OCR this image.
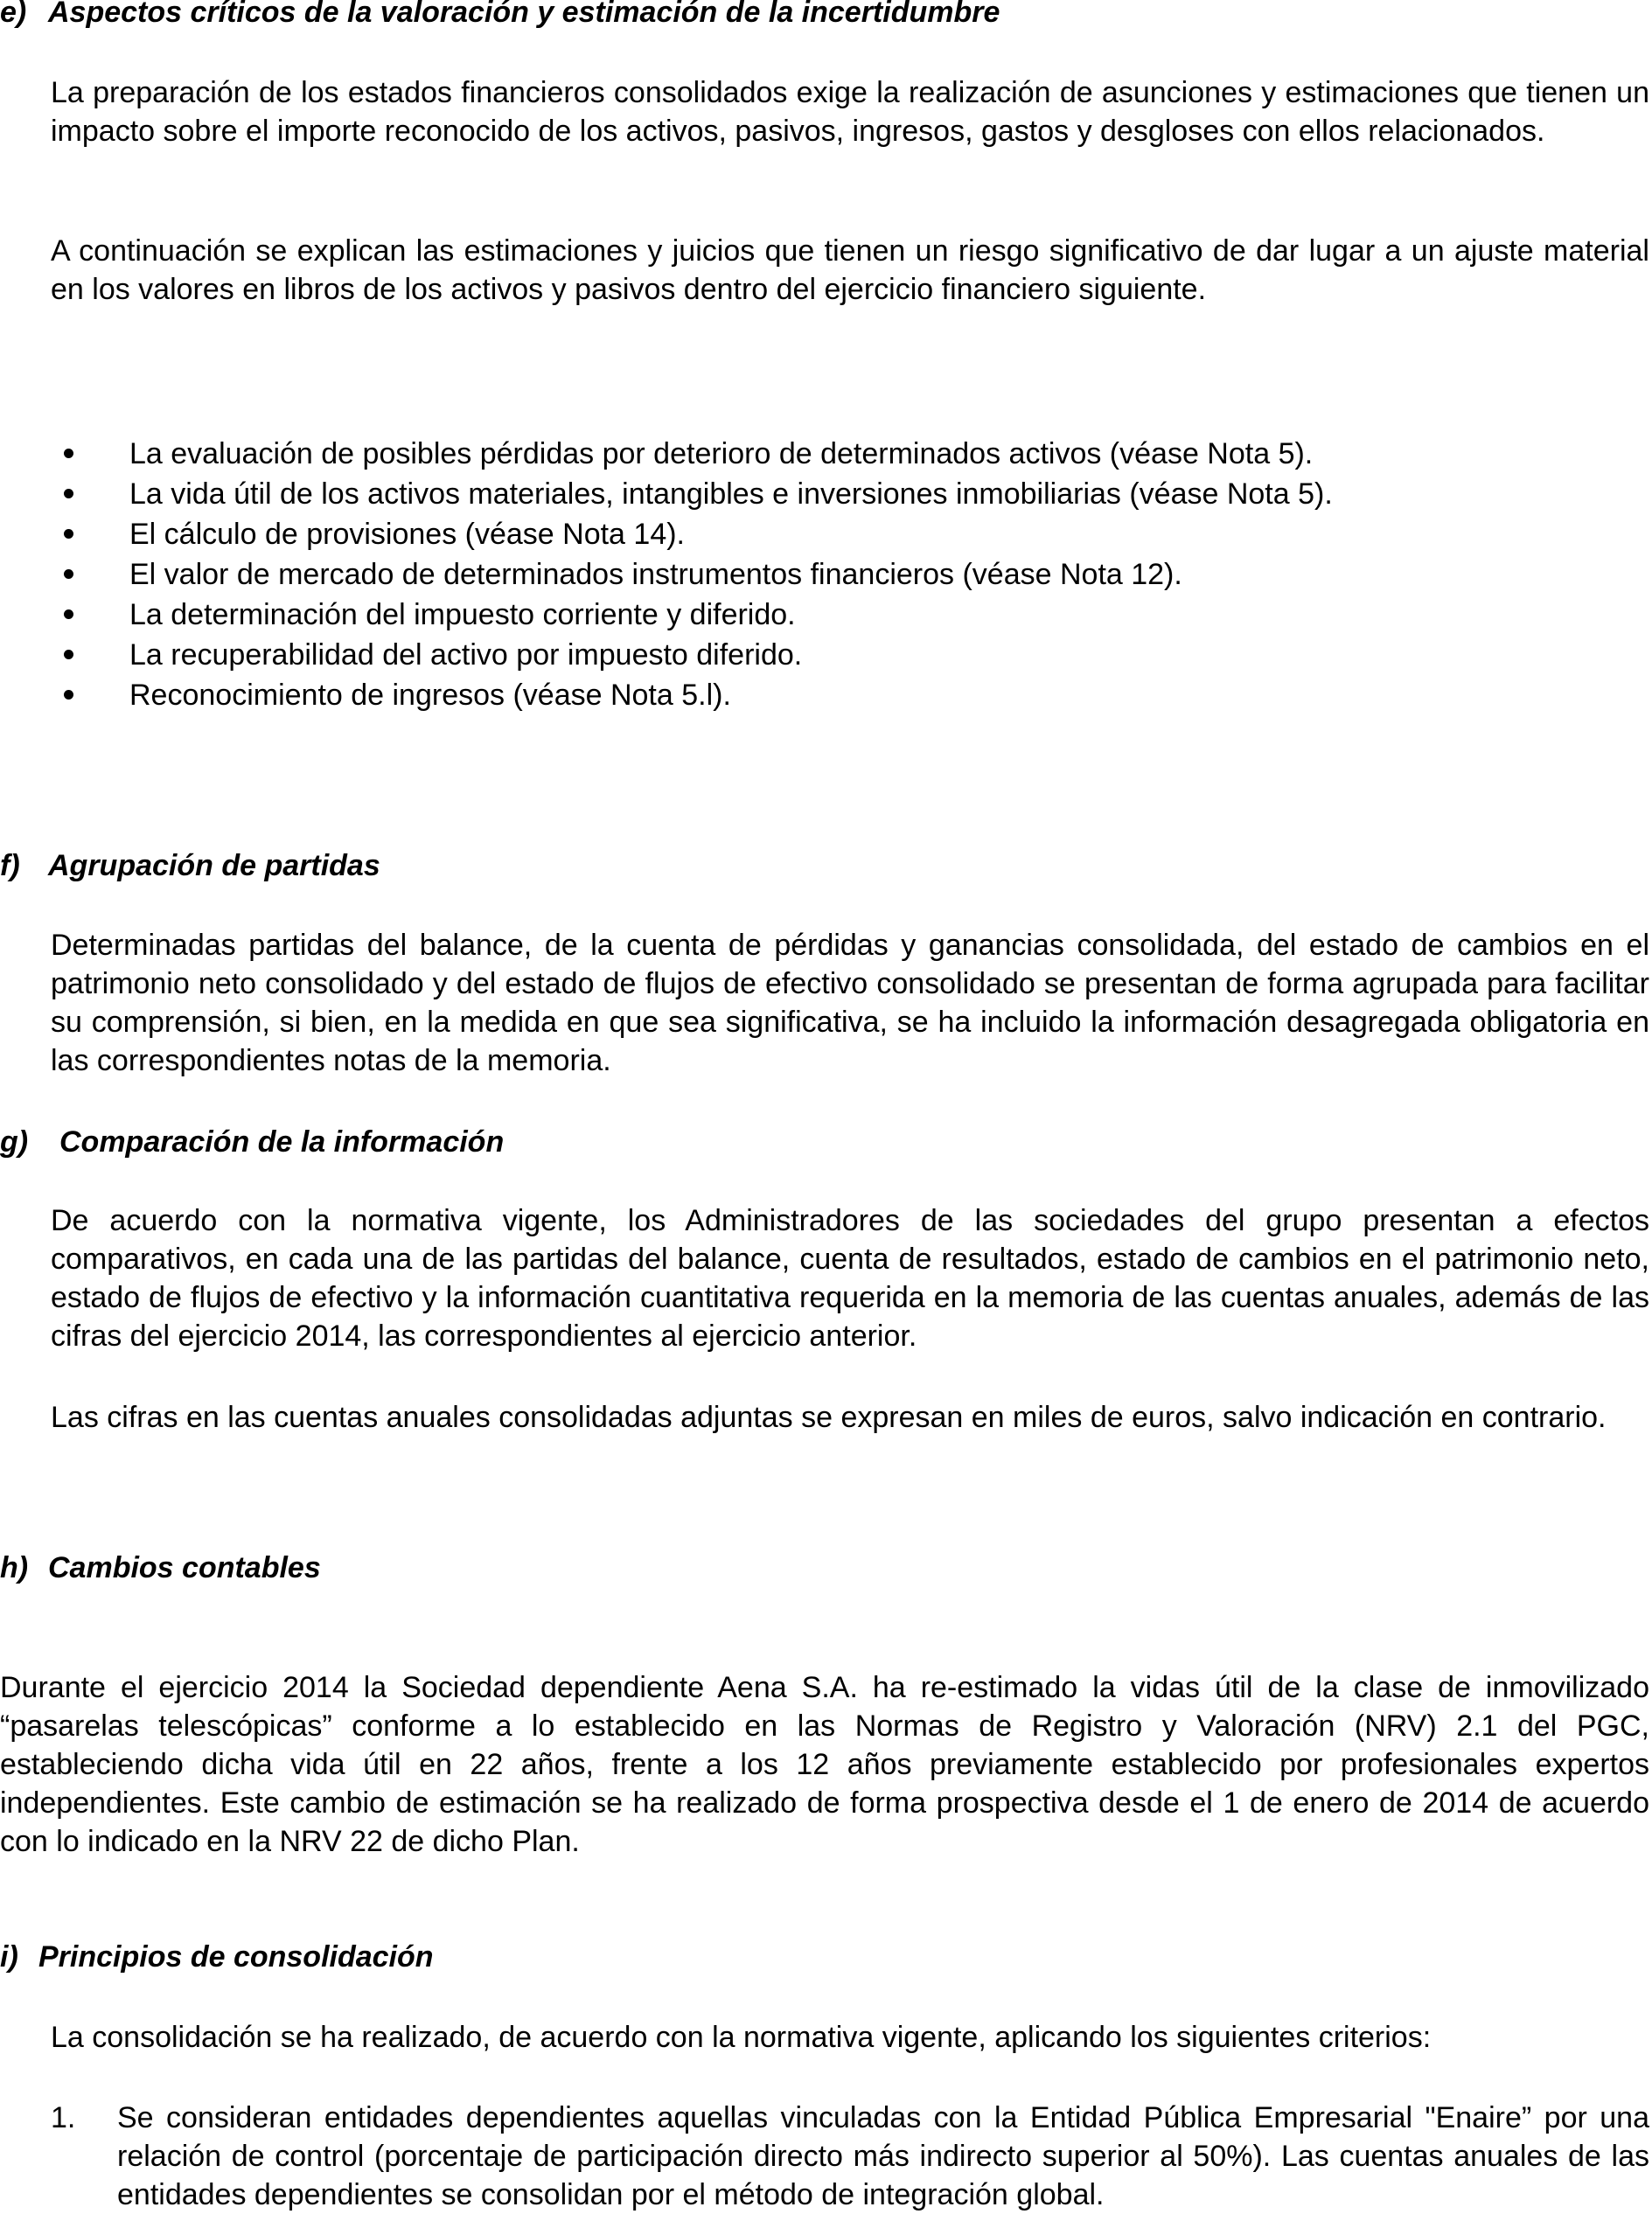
e) Aspectos críticos de la valoración y estimación de la incertidumbre

La preparación de los estados financieros consolidados exige la realización de asunciones y estimaciones que tienen un impacto sobre el importe reconocido de los activos, pasivos, ingresos, gastos y desgloses con ellos relacionados.

A continuación se explican las estimaciones y juicios que tienen un riesgo significativo de dar lugar a un ajuste material en los valores en libros de los activos y pasivos dentro del ejercicio financiero siguiente.

La evaluación de posibles pérdidas por deterioro de determinados activos (véase Nota 5).
La vida útil de los activos materiales, intangibles e inversiones inmobiliarias (véase Nota 5).
El cálculo de provisiones (véase Nota 14).
El valor de mercado de determinados instrumentos financieros (véase Nota 12).
La determinación del impuesto corriente y diferido.
La recuperabilidad del activo por impuesto diferido.
Reconocimiento de ingresos (véase Nota 5.l).
f) Agrupación de partidas

Determinadas partidas del balance, de la cuenta de pérdidas y ganancias consolidada, del estado de cambios en el patrimonio neto consolidado y del estado de flujos de efectivo consolidado se presentan de forma agrupada para facilitar su comprensión, si bien, en la medida en que sea significativa, se ha incluido la información desagregada obligatoria en las correspondientes notas de la memoria.

g) Comparación de la información

De acuerdo con la normativa vigente, los Administradores de las sociedades del grupo presentan a efectos comparativos, en cada una de las partidas del balance, cuenta de resultados, estado de cambios en el patrimonio neto, estado de flujos de efectivo y la información cuantitativa requerida en la memoria de las cuentas anuales, además de las cifras del ejercicio 2014, las correspondientes al ejercicio anterior.

Las cifras en las cuentas anuales consolidadas adjuntas se expresan en miles de euros, salvo indicación en contrario.

h) Cambios contables

Durante el ejercicio 2014 la Sociedad dependiente Aena S.A. ha re-estimado la vidas útil de la clase de inmovilizado “pasarelas telescópicas” conforme a lo establecido en las Normas de Registro y Valoración (NRV) 2.1 del PGC, estableciendo dicha vida útil en 22 años, frente a los 12 años previamente establecido por profesionales expertos independientes. Este cambio de estimación se ha realizado de forma prospectiva desde el 1 de enero de 2014 de acuerdo con lo indicado en la NRV 22 de dicho Plan.

i) Principios de consolidación

La consolidación se ha realizado, de acuerdo con la normativa vigente, aplicando los siguientes criterios:

1. Se consideran entidades dependientes aquellas vinculadas con la Entidad Pública Empresarial "Enaire” por una relación de control (porcentaje de participación directo más indirecto superior al 50%). Las cuentas anuales de las entidades dependientes se consolidan por el método de integración global.
